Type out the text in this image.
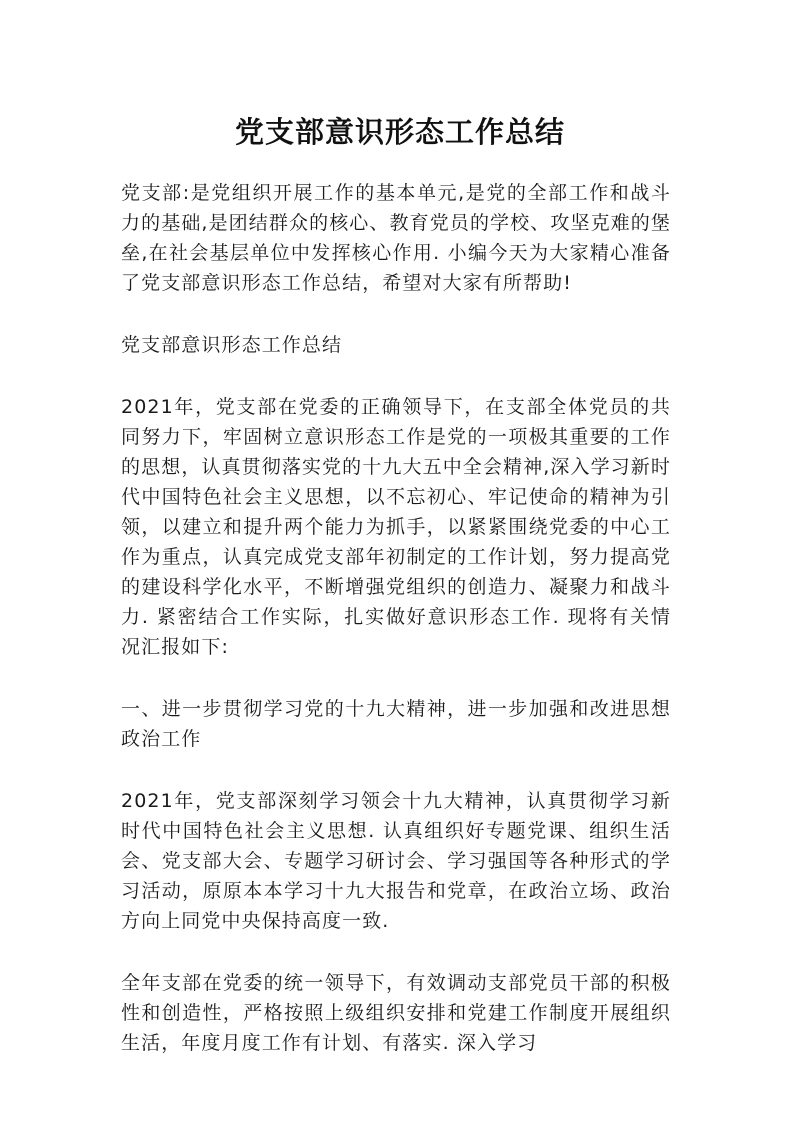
党支部意识形态工作总结

党支部:是党组织开展工作的基本单元,是党的全部工作和战斗力的基础,是团结群众的核心、教育党员的学校、攻坚克难的堡垒,在社会基层单位中发挥核心作用. 小编今天为大家精心准备了党支部意识形态工作总结，希望对大家有所帮助!

党支部意识形态工作总结

2021年，党支部在党委的正确领导下，在支部全体党员的共同努力下，牢固树立意识形态工作是党的一项极其重要的工作的思想，认真贯彻落实党的十九大五中全会精神,深入学习新时代中国特色社会主义思想，以不忘初心、牢记使命的精神为引领，以建立和提升两个能力为抓手，以紧紧围绕党委的中心工作为重点，认真完成党支部年初制定的工作计划，努力提高党的建设科学化水平，不断增强党组织的创造力、凝聚力和战斗力. 紧密结合工作实际，扎实做好意识形态工作. 现将有关情况汇报如下:

一、进一步贯彻学习党的十九大精神，进一步加强和改进思想政治工作

2021年，党支部深刻学习领会十九大精神，认真贯彻学习新时代中国特色社会主义思想. 认真组织好专题党课、组织生活会、党支部大会、专题学习研讨会、学习强国等各种形式的学习活动，原原本本学习十九大报告和党章，在政治立场、政治方向上同党中央保持高度一致.

全年支部在党委的统一领导下，有效调动支部党员干部的积极性和创造性，严格按照上级组织安排和党建工作制度开展组织生活，年度月度工作有计划、有落实. 深入学习
